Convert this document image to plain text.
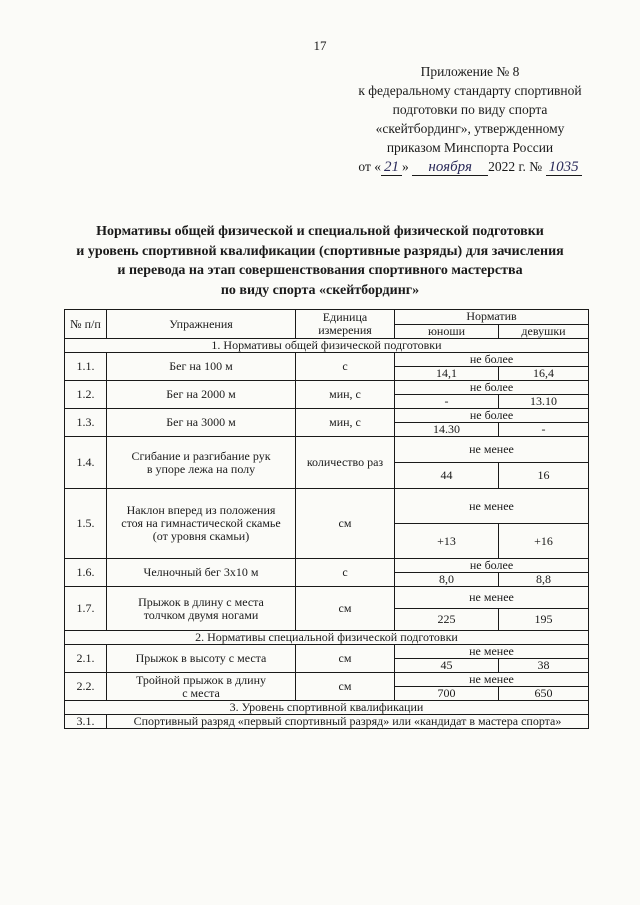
17
Приложение № 8
к федеральному стандарту спортивной
подготовки по виду спорта
«скейтбординг», утвержденному
приказом Минспорта России
от « 21 » ноября 2022 г. № 1035
Нормативы общей физической и специальной физической подготовки
и уровень спортивной квалификации (спортивные разряды) для зачисления
и перевода на этап совершенствования спортивного мастерства
по виду спорта «скейтбординг»
№ п/п	Упражнения	Единица измерения	Норматив	
			юноши	девушки
1. Нормативы общей физической подготовки				
1.1.	Бег на 100 м	с	не более	
			14,1	16,4
1.2.	Бег на 2000 м	мин, с	не более	
			-	13.10
1.3.	Бег на 3000 м	мин, с	не более	
			14.30	-
1.4.	Сгибание и разгибание рук
в упоре лежа на полу	количество раз	не менее	
			44	16
1.5.	Наклон вперед из положения
стоя на гимнастической скамье
(от уровня скамьи)	см	не менее	
			+13	+16
1.6.	Челночный бег 3х10 м	с	не более	
			8,0	8,8
1.7.	Прыжок в длину с места
толчком двумя ногами	см	не менее	
			225	195
2. Нормативы специальной физической подготовки				
2.1.	Прыжок в высоту с места	см	не менее	
			45	38
2.2.	Тройной прыжок в длину
с места	см	не менее	
			700	650
3. Уровень спортивной квалификации				
3.1.	Спортивный разряд «первый спортивный разряд» или «кандидат в мастера спорта»			
